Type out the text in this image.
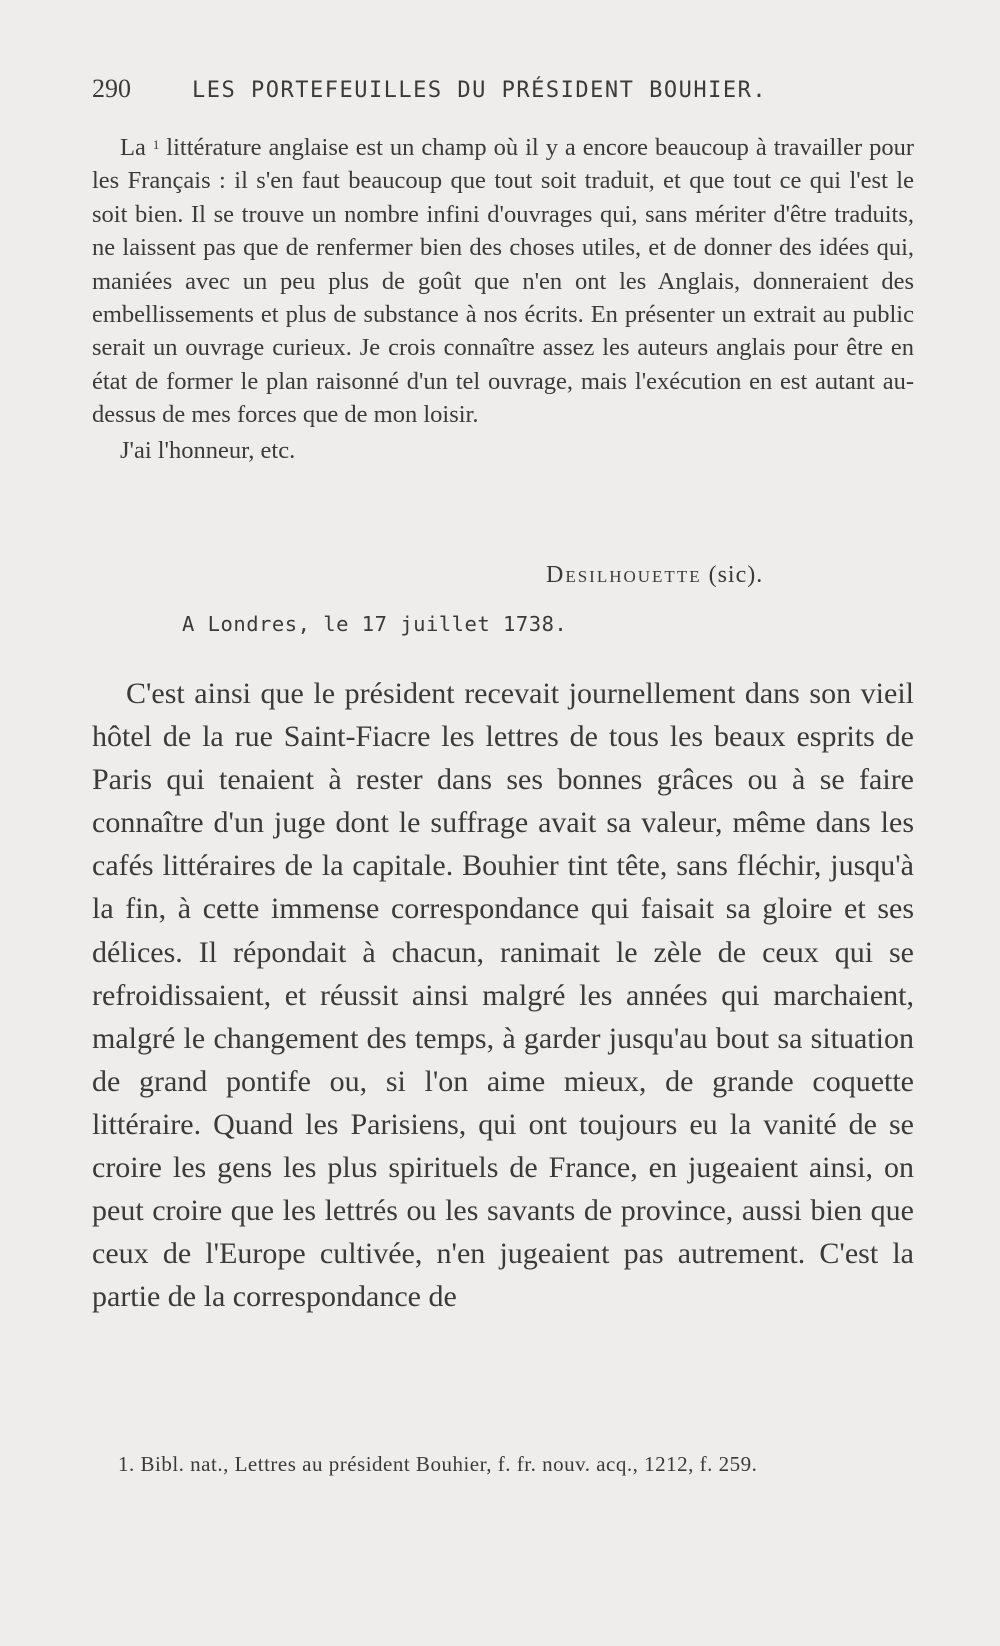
290	LES PORTEFEUILLES DU PRÉSIDENT BOUHIER.

La $^1$ littérature anglaise est un champ où il y a encore beaucoup à travailler pour les Français : il s'en faut beaucoup que tout soit traduit, et que tout ce qui l'est le soit bien. Il se trouve un nombre infini d'ouvrages qui, sans mériter d'être traduits, ne laissent pas que de renfermer bien des choses utiles, et de donner des idées qui, maniées avec un peu plus de goût que n'en ont les Anglais, donneraient des embellissements et plus de substance à nos écrits. En présenter un extrait au public serait un ouvrage curieux. Je crois connaître assez les auteurs anglais pour être en état de former le plan raisonné d'un tel ouvrage, mais l'exécution en est autant au-dessus de mes forces que de mon loisir.

J'ai l'honneur, etc.

Desilhouette (sic).
A Londres, le 17 juillet 1738.

C'est ainsi que le président recevait journellement dans son vieil hôtel de la rue Saint-Fiacre les lettres de tous les beaux esprits de Paris qui tenaient à rester dans ses bonnes grâces ou à se faire connaître d'un juge dont le suffrage avait sa valeur, même dans les cafés littéraires de la capitale. Bouhier tint tête, sans fléchir, jusqu'à la fin, à cette immense correspondance qui faisait sa gloire et ses délices. Il répondait à chacun, ranimait le zèle de ceux qui se refroidissaient, et réussit ainsi malgré les années qui marchaient, malgré le changement des temps, à garder jusqu'au bout sa situation de grand pontife ou, si l'on aime mieux, de grande coquette littéraire. Quand les Parisiens, qui ont toujours eu la vanité de se croire les gens les plus spirituels de France, en jugeaient ainsi, on peut croire que les lettrés ou les savants de province, aussi bien que ceux de l'Europe cultivée, n'en jugeaient pas autrement. C'est la partie de la correspondance de

1. Bibl. nat., Lettres au président Bouhier, f. fr. nouv. acq., 1212, f. 259.
